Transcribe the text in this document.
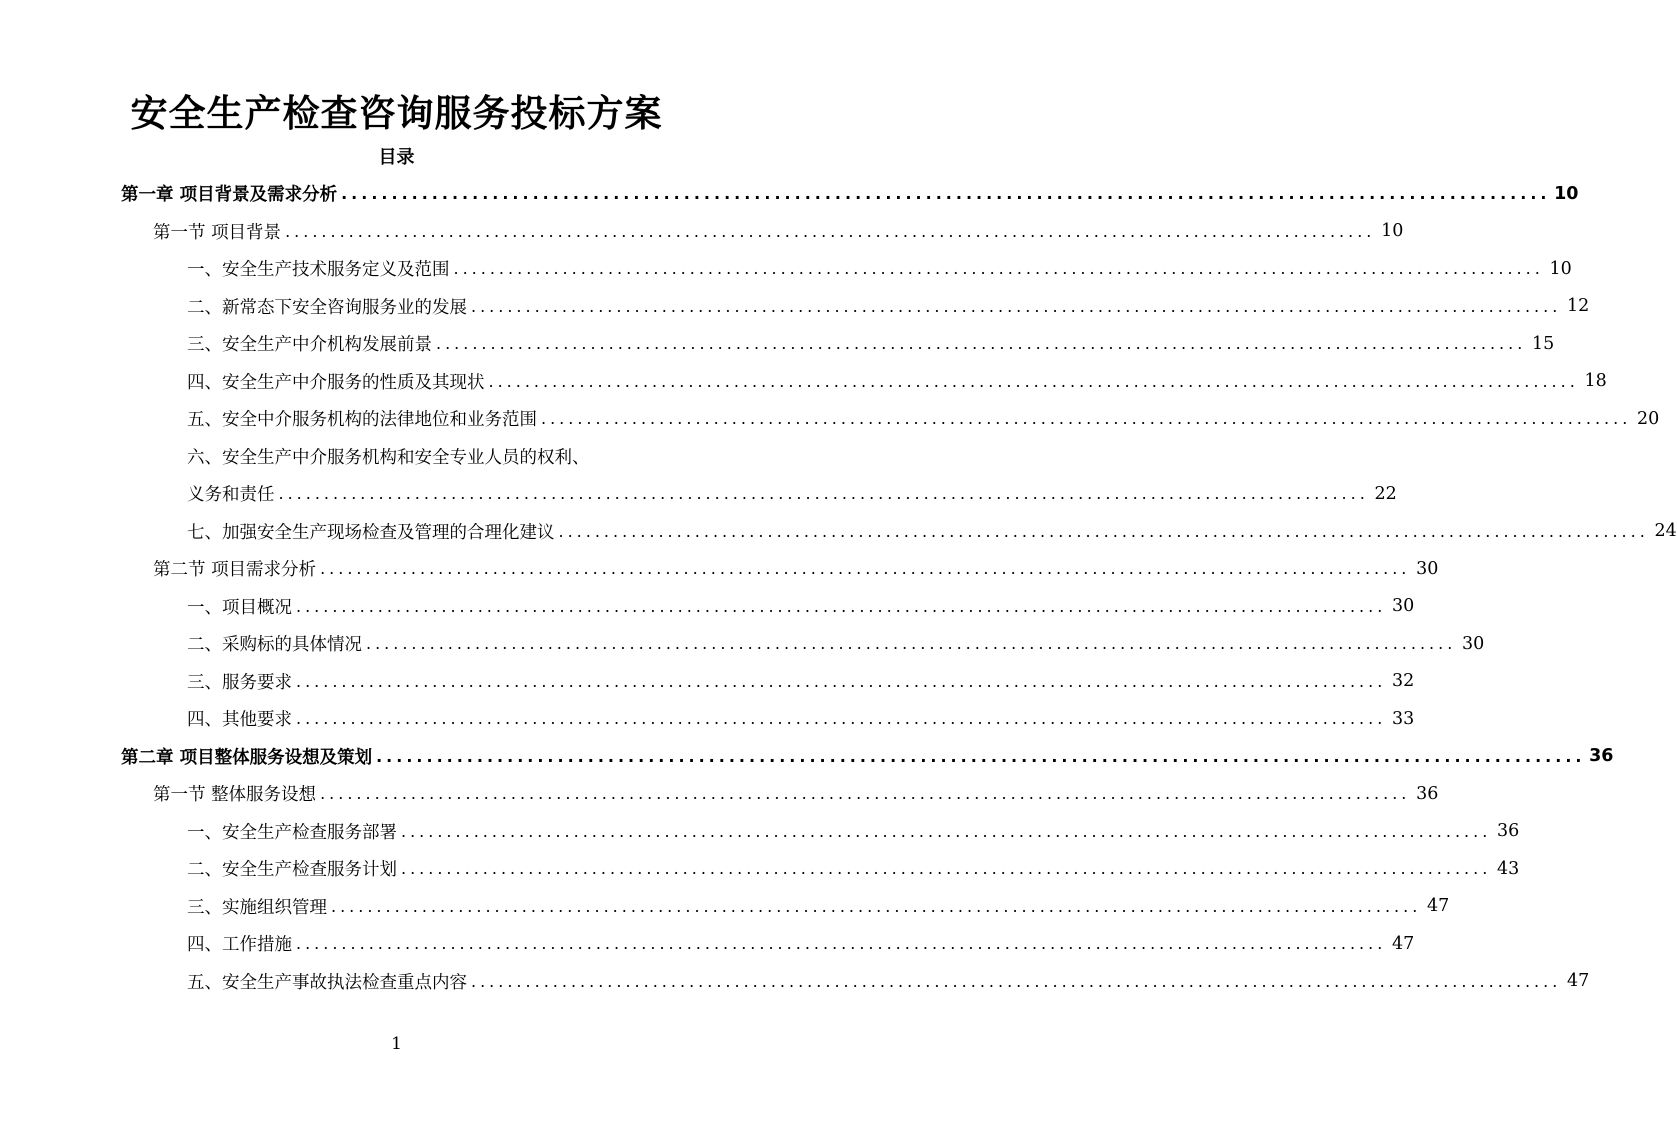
安全生产检查咨询服务投标方案
目录
第一章 项目背景及需求分析 ........................................................................................................................ 10
第一节 项目背景 ........................................................................................................................ 10
一、安全生产技术服务定义及范围 ........................................................................................................................ 10
二、新常态下安全咨询服务业的发展 ........................................................................................................................ 12
三、安全生产中介机构发展前景 ........................................................................................................................ 15
四、安全生产中介服务的性质及其现状 ........................................................................................................................ 18
五、安全中介服务机构的法律地位和业务范围 ........................................................................................................................ 20
六、安全生产中介服务机构和安全专业人员的权利、
义务和责任 ........................................................................................................................ 22
七、加强安全生产现场检查及管理的合理化建议 ........................................................................................................................ 24
第二节 项目需求分析 ........................................................................................................................ 30
一、项目概况 ........................................................................................................................ 30
二、采购标的具体情况 ........................................................................................................................ 30
三、服务要求 ........................................................................................................................ 32
四、其他要求 ........................................................................................................................ 33
第二章 项目整体服务设想及策划 ........................................................................................................................ 36
第一节 整体服务设想 ........................................................................................................................ 36
一、安全生产检查服务部署 ........................................................................................................................ 36
二、安全生产检查服务计划 ........................................................................................................................ 43
三、实施组织管理 ........................................................................................................................ 47
四、工作措施 ........................................................................................................................ 47
五、安全生产事故执法检查重点内容 ........................................................................................................................ 47
1
